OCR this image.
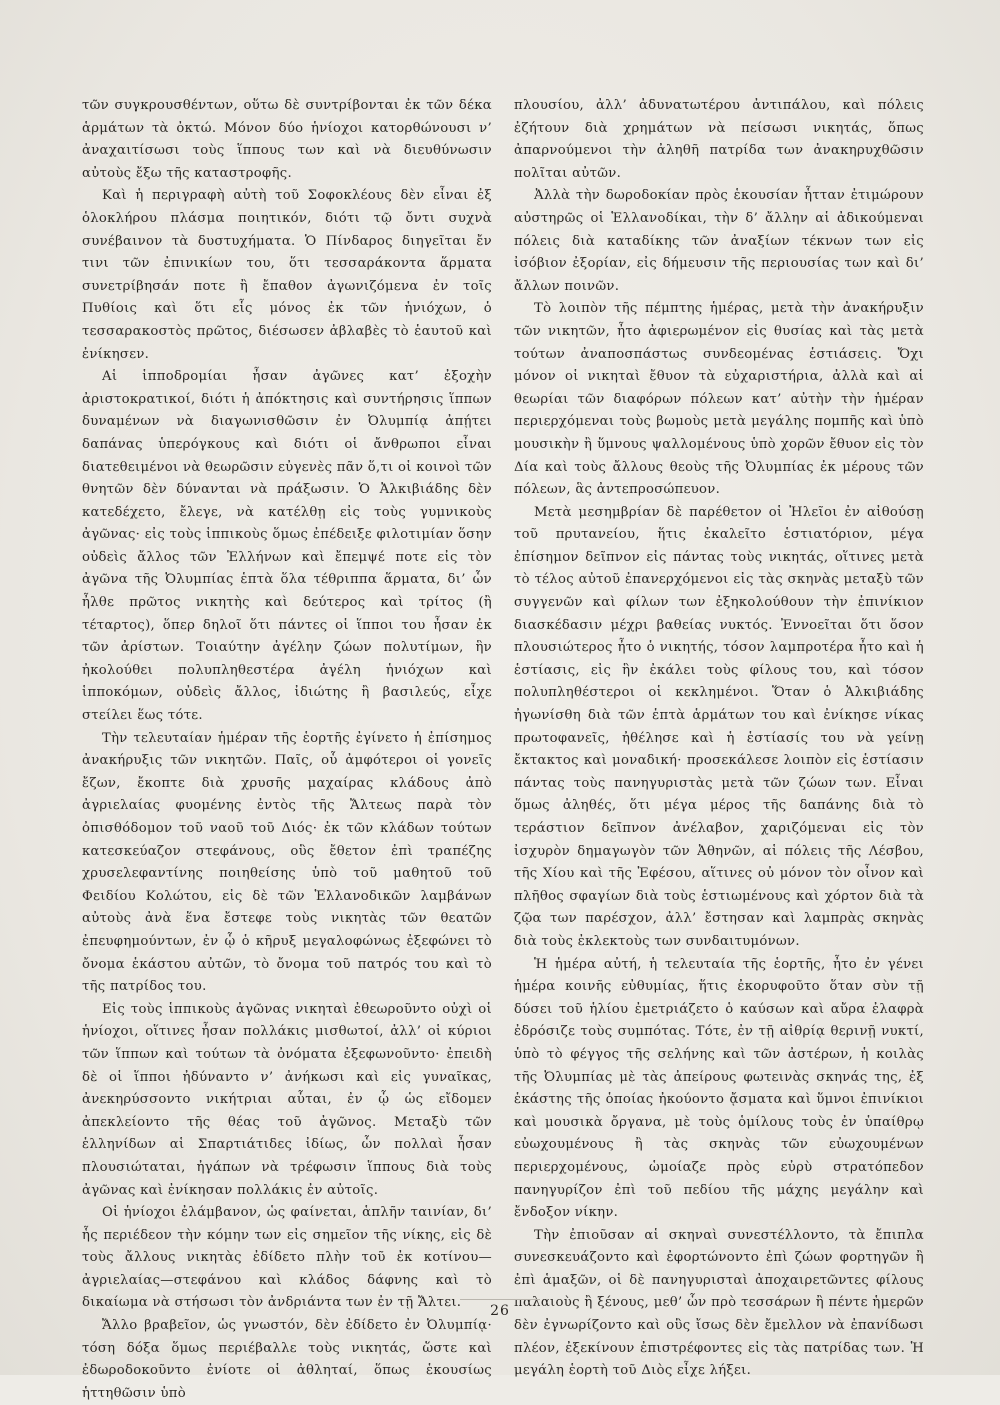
τῶν συγκρουσθέντων, οὕτω δὲ συντρίβονται ἐκ τῶν δέκα ἁρμάτων τὰ ὀκτώ. Μόνον δύο ἡνίοχοι κατορθώνουσι ν’ ἀναχαιτίσωσι τοὺς ἵππους των καὶ νὰ διευθύνωσιν αὐτοὺς ἔξω τῆς καταστροφῆς.

Καὶ ἡ περιγραφὴ αὐτὴ τοῦ Σοφοκλέους δὲν εἶναι ἐξ ὁλοκλήρου πλάσμα ποιητικόν, διότι τῷ ὄντι συχνὰ συνέβαινον τὰ δυστυχήματα. Ὁ Πίνδαρος διηγεῖται ἔν τινι τῶν ἐπινικίων του, ὅτι τεσσαράκοντα ἅρματα συνετρίβησάν ποτε ἢ ἔπαθον ἀγωνιζόμενα ἐν τοῖς Πυθίοις καὶ ὅτι εἷς μόνος ἐκ τῶν ἡνιόχων, ὁ τεσσαρακοστὸς πρῶτος, διέσωσεν ἀβλαβὲς τὸ ἑαυτοῦ καὶ ἐνίκησεν.

Αἱ ἱπποδρομίαι ἦσαν ἀγῶνες κατ’ ἐξοχὴν ἀριστοκρατικοί, διότι ἡ ἀπόκτησις καὶ συντήρησις ἵππων δυναμένων νὰ διαγωνισθῶσιν ἐν Ὀλυμπίᾳ ἀπῄτει δαπάνας ὑπερόγκους καὶ διότι οἱ ἄνθρωποι εἶναι διατεθειμένοι νὰ θεωρῶσιν εὐγενὲς πᾶν ὅ,τι οἱ κοινοὶ τῶν θνητῶν δὲν δύνανται νὰ πράξωσιν. Ὁ Ἀλκιβιάδης δὲν κατεδέχετο, ἔλεγε, νὰ κατέλθῃ εἰς τοὺς γυμνικοὺς ἀγῶνας· εἰς τοὺς ἱππικοὺς ὅμως ἐπέδειξε φιλοτιμίαν ὅσην οὐδεὶς ἄλλος τῶν Ἑλλήνων καὶ ἔπεμψέ ποτε εἰς τὸν ἀγῶνα τῆς Ὀλυμπίας ἑπτὰ ὅλα τέθριππα ἅρματα, δι’ ὧν ἦλθε πρῶτος νικητὴς καὶ δεύτερος καὶ τρίτος (ἢ τέταρτος), ὅπερ δηλοῖ ὅτι πάντες οἱ ἵπποι του ἦσαν ἐκ τῶν ἀρίστων. Τοιαύτην ἀγέλην ζώων πολυτίμων, ἣν ἠκολούθει πολυπληθεστέρα ἀγέλη ἡνιόχων καὶ ἱπποκόμων, οὐδεὶς ἄλλος, ἰδιώτης ἢ βασιλεύς, εἶχε στείλει ἕως τότε.

Τὴν τελευταίαν ἡμέραν τῆς ἑορτῆς ἐγίνετο ἡ ἐπίσημος ἀνακήρυξις τῶν νικητῶν. Παῖς, οὗ ἀμφότεροι οἱ γονεῖς ἔζων, ἔκοπτε διὰ χρυσῆς μαχαίρας κλάδους ἀπὸ ἀγριελαίας φυομένης ἐντὸς τῆς Ἄλτεως παρὰ τὸν ὀπισθόδομον τοῦ ναοῦ τοῦ Διός· ἐκ τῶν κλάδων τούτων κατεσκεύαζον στεφάνους, οὓς ἔθετον ἐπὶ τραπέζης χρυσελεφαντίνης ποιηθείσης ὑπὸ τοῦ μαθητοῦ τοῦ Φειδίου Κολώτου, εἰς δὲ τῶν Ἑλλανοδικῶν λαμβάνων αὐτοὺς ἀνὰ ἕνα ἔστεφε τοὺς νικητὰς τῶν θεατῶν ἐπευφημούντων, ἐν ᾧ ὁ κῆρυξ μεγαλοφώνως ἐξεφώνει τὸ ὄνομα ἑκάστου αὐτῶν, τὸ ὄνομα τοῦ πατρός του καὶ τὸ τῆς πατρίδος του.

Εἰς τοὺς ἱππικοὺς ἀγῶνας νικηταὶ ἐθεωροῦντο οὐχὶ οἱ ἡνίοχοι, οἵτινες ἦσαν πολλάκις μισθωτοί, ἀλλ’ οἱ κύριοι τῶν ἵππων καὶ τούτων τὰ ὀνόματα ἐξεφωνοῦντο· ἐπειδὴ δὲ οἱ ἵπποι ἠδύναντο ν’ ἀνήκωσι καὶ εἰς γυναῖκας, ἀνεκηρύσσοντο νικήτριαι αὗται, ἐν ᾧ ὡς εἴδομεν ἀπεκλείοντο τῆς θέας τοῦ ἀγῶνος. Μεταξὺ τῶν ἑλληνίδων αἱ Σπαρτιάτιδες ἰδίως, ὧν πολλαὶ ἦσαν πλουσιώταται, ἠγάπων νὰ τρέφωσιν ἵππους διὰ τοὺς ἀγῶνας καὶ ἐνίκησαν πολλάκις ἐν αὐτοῖς.

Οἱ ἡνίοχοι ἐλάμβανον, ὡς φαίνεται, ἁπλῆν ταινίαν, δι’ ἧς περιέδεον τὴν κόμην των εἰς σημεῖον τῆς νίκης, εἰς δὲ τοὺς ἄλλους νικητὰς ἐδίδετο πλὴν τοῦ ἐκ κοτίνου—ἀγριελαίας—στεφάνου καὶ κλάδος δάφνης καὶ τὸ δικαίωμα νὰ στήσωσι τὸν ἀνδριάντα των ἐν τῇ Ἄλτει.

Ἄλλο βραβεῖον, ὡς γνωστόν, δὲν ἐδίδετο ἐν Ὀλυμπίᾳ· τόση δόξα ὅμως περιέβαλλε τοὺς νικητάς, ὥστε καὶ ἐδωροδοκοῦντο ἐνίοτε οἱ ἀθληταί, ὅπως ἑκουσίως ἡττηθῶσιν ὑπὸ

πλουσίου, ἀλλ’ ἀδυνατωτέρου ἀντιπάλου, καὶ πόλεις ἐζήτουν διὰ χρημάτων νὰ πείσωσι νικητάς, ὅπως ἀπαρνούμενοι τὴν ἀληθῆ πατρίδα των ἀνακηρυχθῶσιν πολῖται αὐτῶν.

Ἀλλὰ τὴν δωροδοκίαν πρὸς ἑκουσίαν ἧτταν ἐτιμώρουν αὐστηρῶς οἱ Ἑλλανοδίκαι, τὴν δ’ ἄλλην αἱ ἀδικούμεναι πόλεις διὰ καταδίκης τῶν ἀναξίων τέκνων των εἰς ἰσόβιον ἐξορίαν, εἰς δήμευσιν τῆς περιουσίας των καὶ δι’ ἄλλων ποινῶν.

Τὸ λοιπὸν τῆς πέμπτης ἡμέρας, μετὰ τὴν ἀνακήρυξιν τῶν νικητῶν, ἦτο ἀφιερωμένον εἰς θυσίας καὶ τὰς μετὰ τούτων ἀναποσπάστως συνδεομένας ἑστιάσεις. Ὄχι μόνον οἱ νικηταὶ ἔθυον τὰ εὐχαριστήρια, ἀλλὰ καὶ αἱ θεωρίαι τῶν διαφόρων πόλεων κατ’ αὐτὴν τὴν ἡμέραν περιερχόμεναι τοὺς βωμοὺς μετὰ μεγάλης πομπῆς καὶ ὑπὸ μουσικὴν ἢ ὕμνους ψαλλομένους ὑπὸ χορῶν ἔθυον εἰς τὸν Δία καὶ τοὺς ἄλλους θεοὺς τῆς Ὀλυμπίας ἐκ μέρους τῶν πόλεων, ἃς ἀντεπροσώπευον.

Μετὰ μεσημβρίαν δὲ παρέθετον οἱ Ἠλεῖοι ἐν αἰθούσῃ τοῦ πρυτανείου, ἥτις ἐκαλεῖτο ἑστιατόριον, μέγα ἐπίσημον δεῖπνον εἰς πάντας τοὺς νικητάς, οἵτινες μετὰ τὸ τέλος αὐτοῦ ἐπανερχόμενοι εἰς τὰς σκηνὰς μεταξὺ τῶν συγγενῶν καὶ φίλων των ἐξηκολούθουν τὴν ἐπινίκιον διασκέδασιν μέχρι βαθείας νυκτός. Ἐννοεῖται ὅτι ὅσον πλουσιώτερος ἦτο ὁ νικητής, τόσον λαμπροτέρα ἦτο καὶ ἡ ἑστίασις, εἰς ἣν ἐκάλει τοὺς φίλους του, καὶ τόσον πολυπληθέστεροι οἱ κεκλημένοι. Ὅταν ὁ Ἀλκιβιάδης ἠγωνίσθη διὰ τῶν ἑπτὰ ἁρμάτων του καὶ ἐνίκησε νίκας πρωτοφανεῖς, ἠθέλησε καὶ ἡ ἑστίασίς του νὰ γείνῃ ἔκτακτος καὶ μοναδική· προσεκάλεσε λοιπὸν εἰς ἑστίασιν πάντας τοὺς πανηγυριστὰς μετὰ τῶν ζώων των. Εἶναι ὅμως ἀληθές, ὅτι μέγα μέρος τῆς δαπάνης διὰ τὸ τεράστιον δεῖπνον ἀνέλαβον, χαριζόμεναι εἰς τὸν ἰσχυρὸν δημαγωγὸν τῶν Ἀθηνῶν, αἱ πόλεις τῆς Λέσβου, τῆς Χίου καὶ τῆς Ἐφέσου, αἵτινες οὐ μόνον τὸν οἶνον καὶ πλῆθος σφαγίων διὰ τοὺς ἑστιωμένους καὶ χόρτον διὰ τὰ ζῷα των παρέσχον, ἀλλ’ ἔστησαν καὶ λαμπρὰς σκηνὰς διὰ τοὺς ἐκλεκτοὺς των συνδαιτυμόνων.

Ἡ ἡμέρα αὐτή, ἡ τελευταία τῆς ἑορτῆς, ἦτο ἐν γένει ἡμέρα κοινῆς εὐθυμίας, ἥτις ἐκορυφοῦτο ὅταν σὺν τῇ δύσει τοῦ ἡλίου ἐμετριάζετο ὁ καύσων καὶ αὔρα ἐλαφρὰ ἐδρόσιζε τοὺς συμπότας. Τότε, ἐν τῇ αἰθρίᾳ θερινῇ νυκτί, ὑπὸ τὸ φέγγος τῆς σελήνης καὶ τῶν ἀστέρων, ἡ κοιλὰς τῆς Ὀλυμπίας μὲ τὰς ἀπείρους φωτεινὰς σκηνάς της, ἐξ ἑκάστης τῆς ὁποίας ἠκούοντο ᾄσματα καὶ ὕμνοι ἐπινίκιοι καὶ μουσικὰ ὄργανα, μὲ τοὺς ὁμίλους τοὺς ἐν ὑπαίθρῳ εὐωχουμένους ἢ τὰς σκηνὰς τῶν εὐωχουμένων περιερχομένους, ὡμοίαζε πρὸς εὐρὺ στρατόπεδον πανηγυρίζον ἐπὶ τοῦ πεδίου τῆς μάχης μεγάλην καὶ ἔνδοξον νίκην.

Τὴν ἐπιοῦσαν αἱ σκηναὶ συνεστέλλοντο, τὰ ἔπιπλα συνεσκευάζοντο καὶ ἐφορτώνοντο ἐπὶ ζώων φορτηγῶν ἢ ἐπὶ ἁμαξῶν, οἱ δὲ πανηγυρισταὶ ἀποχαιρετῶντες φίλους παλαιοὺς ἢ ξένους, μεθ’ ὧν πρὸ τεσσάρων ἢ πέντε ἡμερῶν δὲν ἐγνωρίζοντο καὶ οὓς ἴσως δὲν ἔμελλον νὰ ἐπανίδωσι πλέον, ἐξεκίνουν ἐπιστρέφοντες εἰς τὰς πατρίδας των. Ἡ μεγάλη ἑορτὴ τοῦ Διὸς εἶχε λήξει.

26
